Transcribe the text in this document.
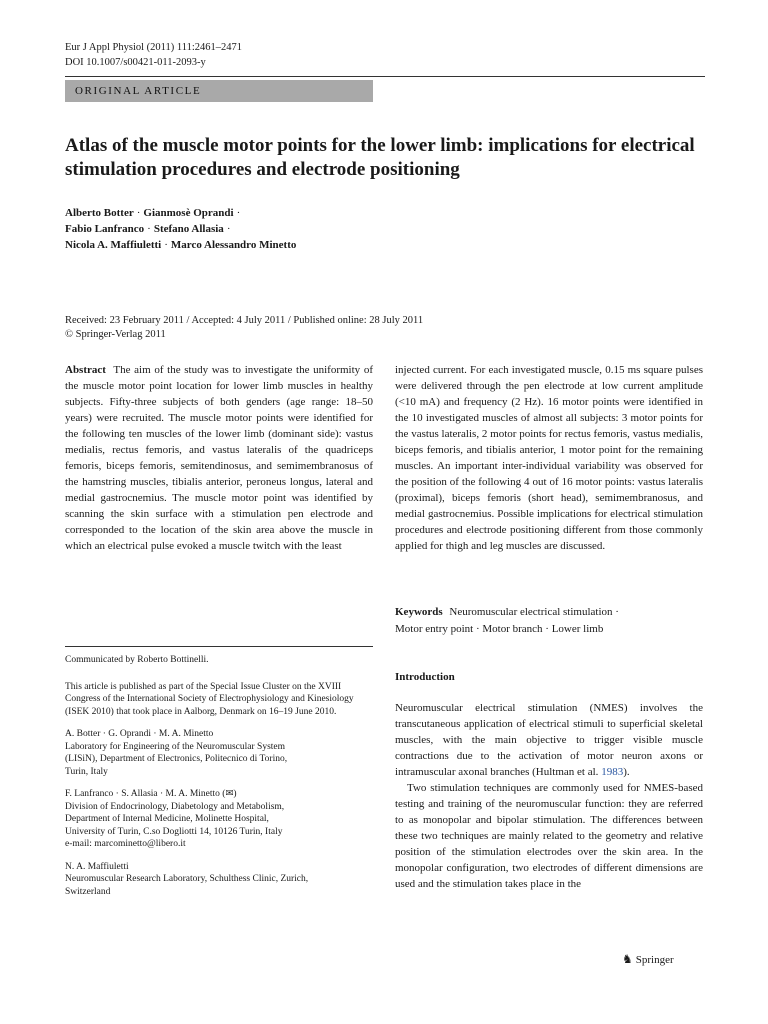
Eur J Appl Physiol (2011) 111:2461–2471
DOI 10.1007/s00421-011-2093-y
ORIGINAL ARTICLE
Atlas of the muscle motor points for the lower limb: implications for electrical stimulation procedures and electrode positioning
Alberto Botter · Gianmosè Oprandi ·
Fabio Lanfranco · Stefano Allasia ·
Nicola A. Maffiuletti · Marco Alessandro Minetto
Received: 23 February 2011 / Accepted: 4 July 2011 / Published online: 28 July 2011
© Springer-Verlag 2011
Abstract The aim of the study was to investigate the uniformity of the muscle motor point location for lower limb muscles in healthy subjects. Fifty-three subjects of both genders (age range: 18–50 years) were recruited. The muscle motor points were identified for the following ten muscles of the lower limb (dominant side): vastus medialis, rectus femoris, and vastus lateralis of the quadriceps femoris, biceps femoris, semitendinosus, and semimembranosus of the hamstring muscles, tibialis anterior, peroneus longus, lateral and medial gastrocnemius. The muscle motor point was identified by scanning the skin surface with a stimulation pen electrode and corresponded to the location of the skin area above the muscle in which an electrical pulse evoked a muscle twitch with the least
injected current. For each investigated muscle, 0.15 ms square pulses were delivered through the pen electrode at low current amplitude (<10 mA) and frequency (2 Hz). 16 motor points were identified in the 10 investigated muscles of almost all subjects: 3 motor points for the vastus lateralis, 2 motor points for rectus femoris, vastus medialis, biceps femoris, and tibialis anterior, 1 motor point for the remaining muscles. An important inter-individual variability was observed for the position of the following 4 out of 16 motor points: vastus lateralis (proximal), biceps femoris (short head), semimembranosus, and medial gastrocnemius. Possible implications for electrical stimulation procedures and electrode positioning different from those commonly applied for thigh and leg muscles are discussed.
Keywords Neuromuscular electrical stimulation ·
Motor entry point · Motor branch · Lower limb
Communicated by Roberto Bottinelli.
This article is published as part of the Special Issue Cluster on the XVIII Congress of the International Society of Electrophysiology and Kinesiology (ISEK 2010) that took place in Aalborg, Denmark on 16–19 June 2010.
A. Botter · G. Oprandi · M. A. Minetto
Laboratory for Engineering of the Neuromuscular System
(LISiN), Department of Electronics, Politecnico di Torino,
Turin, Italy
F. Lanfranco · S. Allasia · M. A. Minetto (✉)
Division of Endocrinology, Diabetology and Metabolism,
Department of Internal Medicine, Molinette Hospital,
University of Turin, C.so Dogliotti 14, 10126 Turin, Italy
e-mail: marcominetto@libero.it
N. A. Maffiuletti
Neuromuscular Research Laboratory, Schulthess Clinic, Zurich,
Switzerland
Introduction

Neuromuscular electrical stimulation (NMES) involves the transcutaneous application of electrical stimuli to superficial skeletal muscles, with the main objective to trigger visible muscle contractions due to the activation of motor neuron axons or intramuscular axonal branches (Hultman et al. 1983).

Two stimulation techniques are commonly used for NMES-based testing and training of the neuromuscular function: they are referred to as monopolar and bipolar stimulation. The differences between these two techniques are mainly related to the geometry and relative position of the stimulation electrodes over the skin area. In the monopolar configuration, two electrodes of different dimensions are used and the stimulation takes place in the

♞ Springer
